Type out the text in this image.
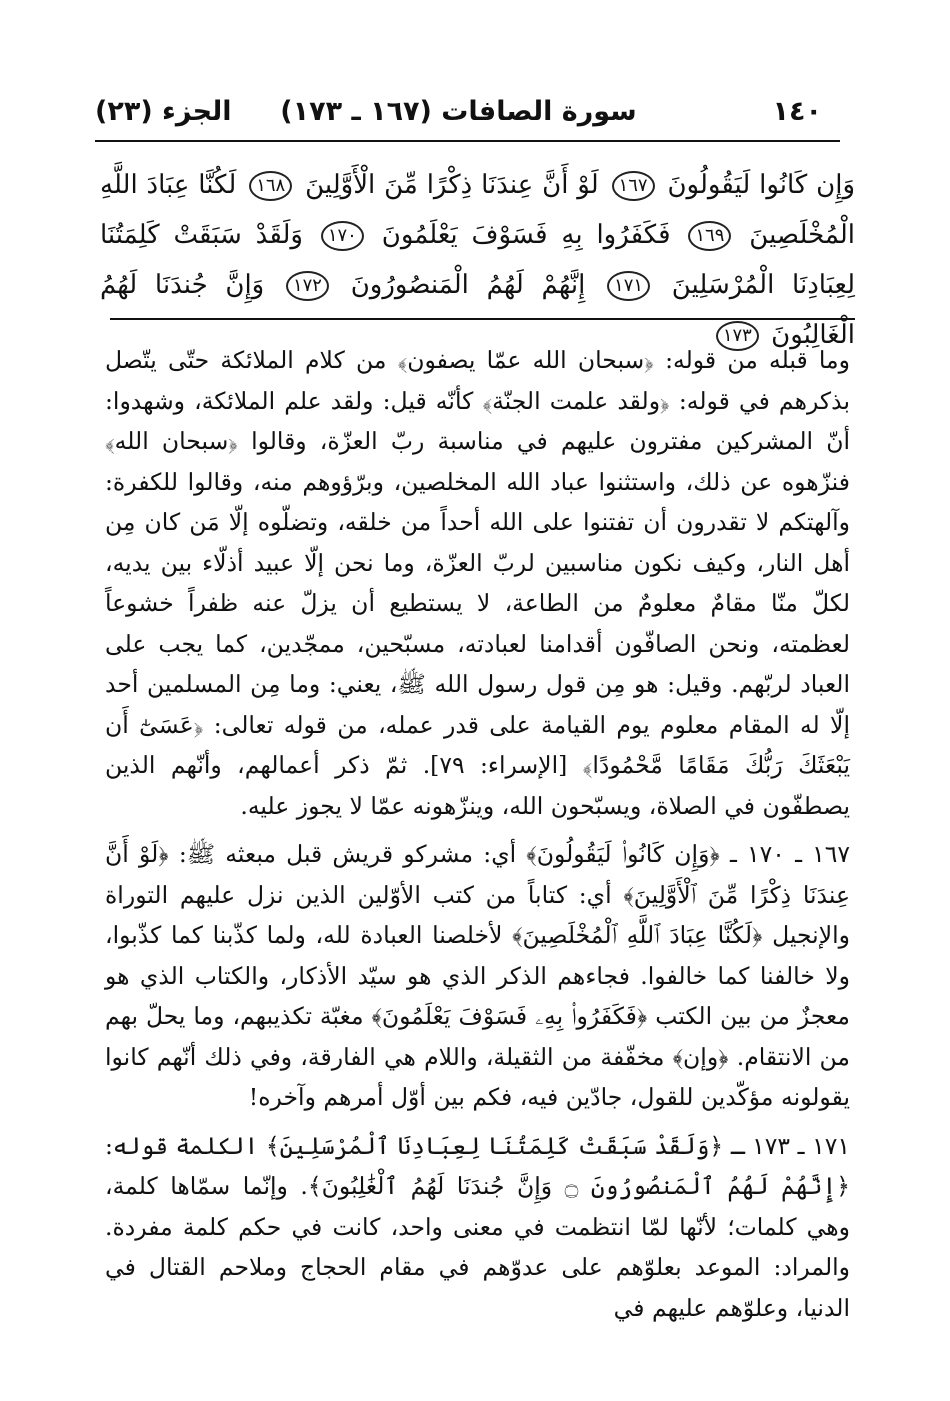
١٤٠
سورة الصافات (١٦٧ ـ ١٧٣)
الجزء (٢٣)
وَإِن كَانُوا لَيَقُولُونَ ١٦٧ لَوْ أَنَّ عِندَنَا ذِكْرًا مِّنَ الْأَوَّلِينَ ١٦٨ لَكُنَّا عِبَادَ اللَّهِ الْمُخْلَصِينَ ١٦٩ فَكَفَرُوا بِهِ فَسَوْفَ يَعْلَمُونَ ١٧٠ وَلَقَدْ سَبَقَتْ كَلِمَتُنَا لِعِبَادِنَا الْمُرْسَلِينَ ١٧١ إِنَّهُمْ لَهُمُ الْمَنصُورُونَ ١٧٢ وَإِنَّ جُندَنَا لَهُمُ الْغَالِبُونَ ١٧٣

وما قبله من قوله: ﴿سبحان الله عمّا يصفون﴾ من كلام الملائكة حتّى يتّصل بذكرهم في قوله: ﴿ولقد علمت الجنّة﴾ كأنّه قيل: ولقد علم الملائكة، وشهدوا: أنّ المشركين مفترون عليهم في مناسبة ربّ العزّة، وقالوا ﴿سبحان الله﴾ فنزّهوه عن ذلك، واستثنوا عباد الله المخلصين، وبرّؤوهم منه، وقالوا للكفرة: وآلهتكم لا تقدرون أن تفتنوا على الله أحداً من خلقه، وتضلّوه إلّا مَن كان مِن أهل النار، وكيف نكون مناسبين لربّ العزّة، وما نحن إلّا عبيد أذلّاء بين يديه، لكلّ منّا مقامٌ معلومٌ من الطاعة، لا يستطيع أن يزلّ عنه ظفراً خشوعاً لعظمته، ونحن الصافّون أقدامنا لعبادته، مسبّحين، ممجّدين، كما يجب على العباد لربّهم. وقيل: هو مِن قول رسول الله ﷺ، يعني: وما مِن المسلمين أحد إلّا له المقام معلوم يوم القيامة على قدر عمله، من قوله تعالى: ﴿عَسَىٰٓ أَن يَبْعَثَكَ رَبُّكَ مَقَامًا مَّحْمُودًا﴾ [الإسراء: ٧٩]. ثمّ ذكر أعمالهم، وأنّهم الذين يصطفّون في الصلاة، ويسبّحون الله، وينزّهونه عمّا لا يجوز عليه.

١٦٧ ـ ١٧٠ ـ ﴿وَإِن كَانُوا۟ لَيَقُولُونَ﴾ أي: مشركو قريش قبل مبعثه ﷺ: ﴿لَوْ أَنَّ عِندَنَا ذِكْرًا مِّنَ ٱلْأَوَّلِينَ﴾ أي: كتاباً من كتب الأوّلين الذين نزل عليهم التوراة والإنجيل ﴿لَكُنَّا عِبَادَ ٱللَّهِ ٱلْمُخْلَصِينَ﴾ لأخلصنا العبادة لله، ولما كذّبنا كما كذّبوا، ولا خالفنا كما خالفوا. فجاءهم الذكر الذي هو سيّد الأذكار، والكتاب الذي هو معجزٌ من بين الكتب ﴿فَكَفَرُوا۟ بِهِۦ فَسَوْفَ يَعْلَمُونَ﴾ مغبّة تكذيبهم، وما يحلّ بهم من الانتقام. ﴿وإن﴾ مخفّفة من الثقيلة، واللام هي الفارقة، وفي ذلك أنّهم كانوا يقولونه مؤكّدين للقول، جادّين فيه، فكم بين أوّل أمرهم وآخره!

١٧١ ـ ١٧٣ ـ ﴿وَلَقَدْ سَبَقَتْ كَلِمَتُنَا لِعِبَادِنَا ٱلْمُرْسَلِينَ﴾ الكلمة قوله: ﴿إِنَّهُمْ لَهُمُ ٱلْمَنصُورُونَ ۝ وَإِنَّ جُندَنَا لَهُمُ ٱلْغَٰلِبُونَ﴾. وإنّما سمّاها كلمة، وهي كلمات؛ لأنّها لمّا انتظمت في معنى واحد، كانت في حكم كلمة مفردة. والمراد: الموعد بعلوّهم على عدوّهم في مقام الحجاج وملاحم القتال في الدنيا، وعلوّهم عليهم في
